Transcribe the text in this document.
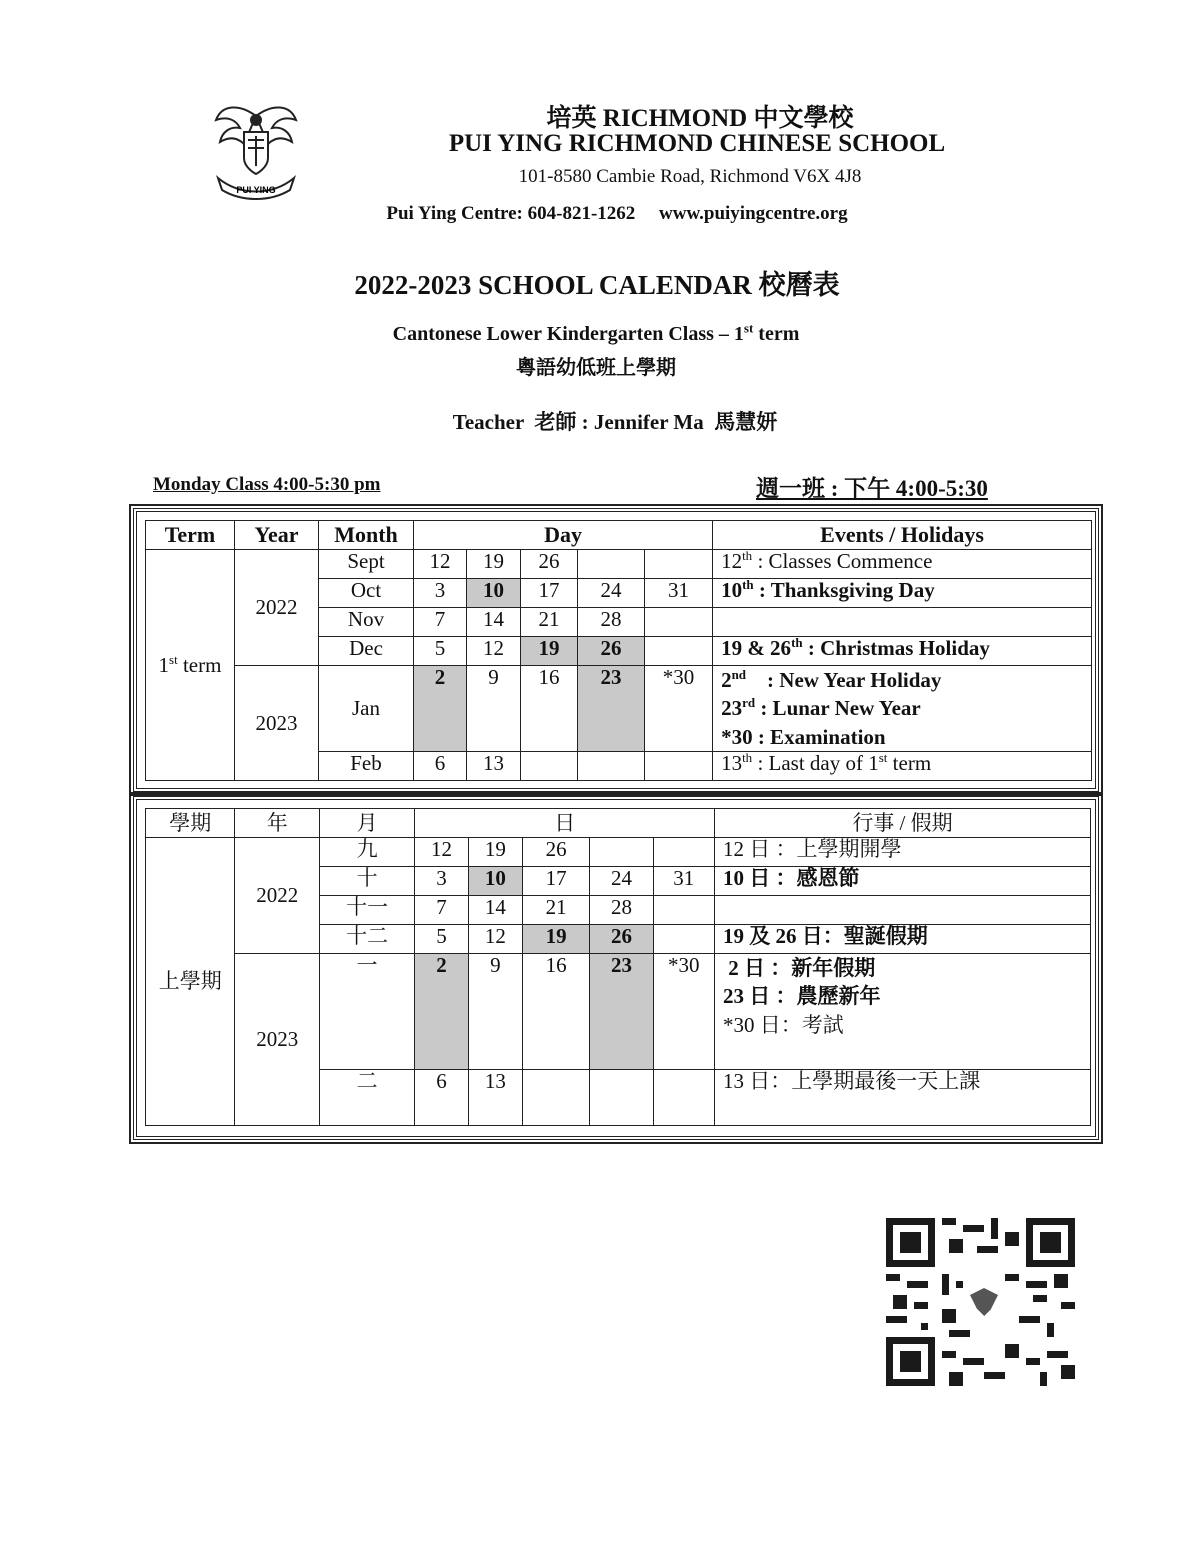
PUI YING
培英 RICHMOND 中文學校
PUI YING RICHMOND CHINESE SCHOOL
101-8580 Cambie Road, Richmond V6X 4J8
Pui Ying Centre: 604-821-1262     www.puiyingcentre.org
2022-2023 SCHOOL CALENDAR 校曆表
Cantonese Lower Kindergarten Class – 1st term
粵語幼低班上學期
Teacher  老師 : Jennifer Ma  馬慧妍
Monday Class 4:00-5:30 pm	週一班 : 下午 4:00-5:30
Term	Year	Month	Day					Events / Holidays
1st term	2022	Sept	12	19	26			12th : Classes Commence
		Oct	3	10	17	24	31	10th : Thanksgiving Day
		Nov	7	14	21	28		
		Dec	5	12	19	26		19 & 26th : Christmas Holiday
	2023	Jan	2	9	16	23	*30	2nd    : New Year Holiday
23rd : Lunar New Year
*30 : Examination
		Feb	6	13				13th : Last day of 1st term
學期	年	月	日					行事 / 假期
上學期	2022	九	12	19	26			12 日 ：上學期開學
		十	3	10	17	24	31	10 日 ：感恩節
		十一	7	14	21	28		
		十二	5	12	19	26		19 及 26 日：聖誕假期
	2023	一	2	9	16	23	*30	2 日 ：新年假期
23 日 ：農歷新年
*30 日：考試
		二	6	13				13 日：上學期最後一天上課
